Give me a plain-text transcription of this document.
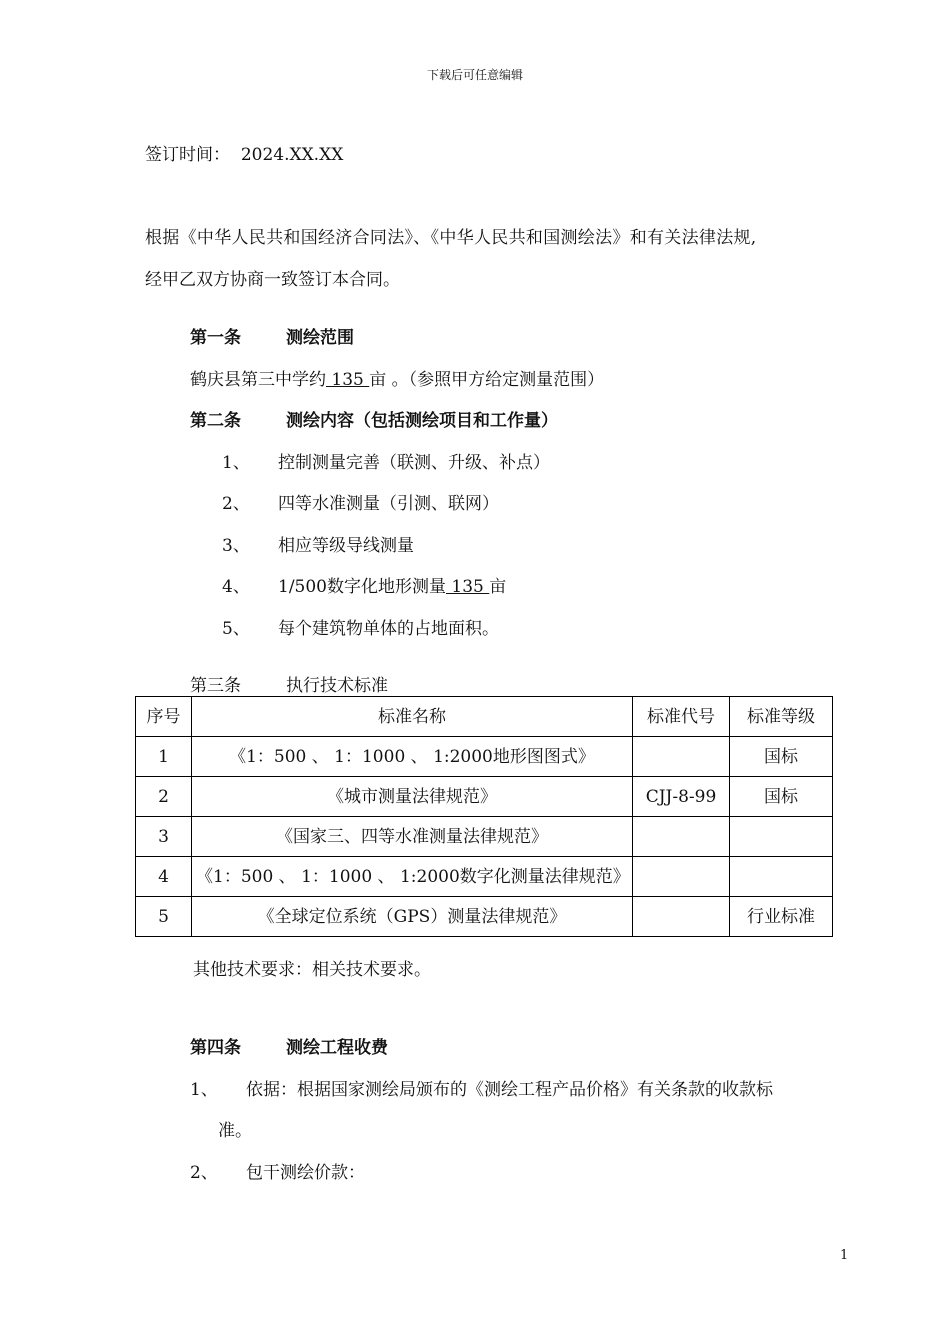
下载后可任意编辑
签订时间： 2024.XX.XX
根据《中华人民共和国经济合同法》、《中华人民共和国测绘法》和有关法律法规,
经甲乙双方协商一致签订本合同。
第一条	测绘范围
鹤庆县第三中学约 135 亩 。（参照甲方给定测量范围）
第二条	测绘内容（包括测绘项目和工作量）
1、 控制测量完善（联测、升级、补点）
2、 四等水准测量（引测、联网）
3、 相应等级导线测量
4、 1/500数字化地形测量 135 亩
5、 每个建筑物单体的占地面积。
第三条	执行技术标准
序号	标准名称	标准代号	标准等级
1	《1：500 、 1：1000 、 1:2000地形图图式》		国标
2	《城市测量法律规范》	CJJ-8-99	国标
3	《国家三、四等水准测量法律规范》		
4	《1：500 、 1：1000 、 1:2000数字化测量法律规范》		
5	《全球定位系统（GPS）测量法律规范》		行业标准
其他技术要求：相关技术要求。
第四条	测绘工程收费
1、 依据：根据国家测绘局颁布的《测绘工程产品价格》有关条款的收款标
准。
2、 包干测绘价款：
1
